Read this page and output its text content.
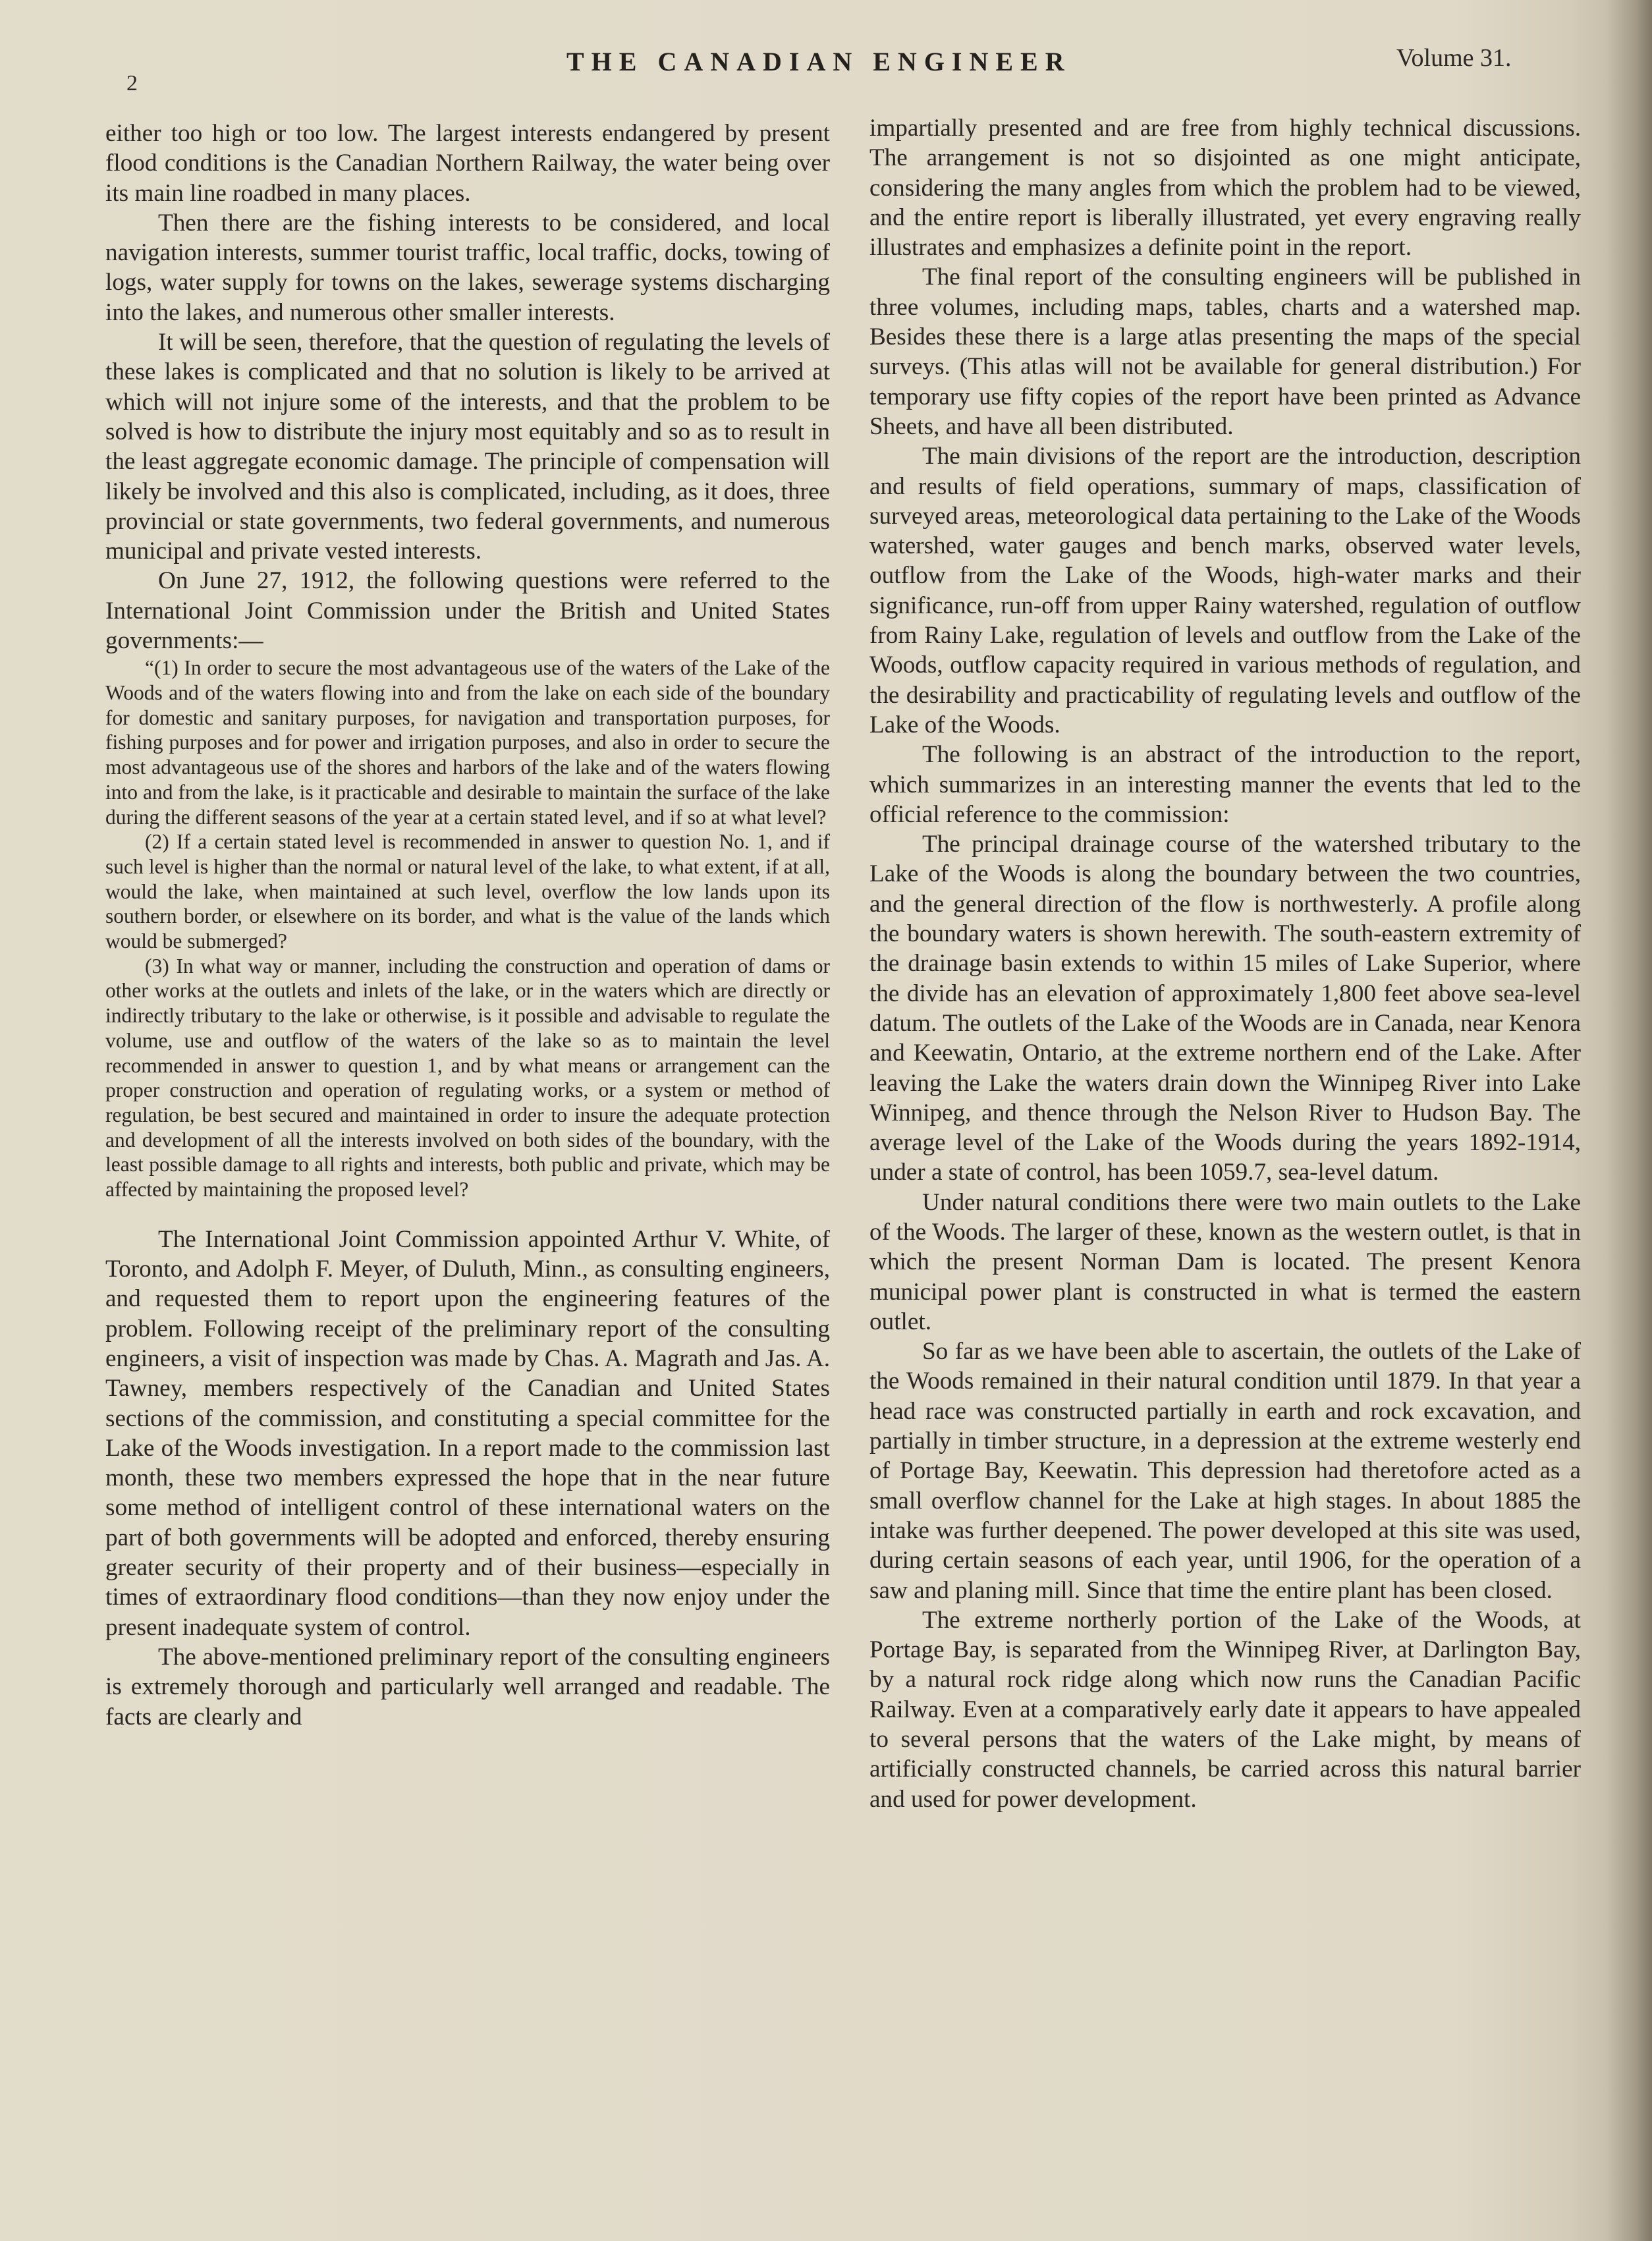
2
THE CANADIAN ENGINEER	Volume 31.

either too high or too low. The largest interests endangered by present flood conditions is the Canadian Northern Railway, the water being over its main line roadbed in many places.

Then there are the fishing interests to be considered, and local navigation interests, summer tourist traffic, local traffic, docks, towing of logs, water supply for towns on the lakes, sewerage systems discharging into the lakes, and numerous other smaller interests.

It will be seen, therefore, that the question of regulating the levels of these lakes is complicated and that no solution is likely to be arrived at which will not injure some of the interests, and that the problem to be solved is how to distribute the injury most equitably and so as to result in the least aggregate economic damage. The principle of compensation will likely be involved and this also is complicated, including, as it does, three provincial or state governments, two federal governments, and numerous municipal and private vested interests.

On June 27, 1912, the following questions were referred to the International Joint Commission under the British and United States governments:—

“(1) In order to secure the most advantageous use of the waters of the Lake of the Woods and of the waters flowing into and from the lake on each side of the boundary for domestic and sanitary purposes, for navigation and transportation purposes, for fishing purposes and for power and irrigation purposes, and also in order to secure the most advantageous use of the shores and harbors of the lake and of the waters flowing into and from the lake, is it practicable and desirable to maintain the surface of the lake during the different seasons of the year at a certain stated level, and if so at what level?

(2) If a certain stated level is recommended in answer to question No. 1, and if such level is higher than the normal or natural level of the lake, to what extent, if at all, would the lake, when maintained at such level, overflow the low lands upon its southern border, or elsewhere on its border, and what is the value of the lands which would be submerged?

(3) In what way or manner, including the construction and operation of dams or other works at the outlets and inlets of the lake, or in the waters which are directly or indirectly tributary to the lake or otherwise, is it possible and advisable to regulate the volume, use and outflow of the waters of the lake so as to maintain the level recommended in answer to question 1, and by what means or arrangement can the proper construction and operation of regulating works, or a system or method of regulation, be best secured and maintained in order to insure the adequate protection and development of all the interests involved on both sides of the boundary, with the least possible damage to all rights and interests, both public and private, which may be affected by maintaining the proposed level?

The International Joint Commission appointed Arthur V. White, of Toronto, and Adolph F. Meyer, of Duluth, Minn., as consulting engineers, and requested them to report upon the engineering features of the problem. Following receipt of the preliminary report of the consulting engineers, a visit of inspection was made by Chas. A. Magrath and Jas. A. Tawney, members respectively of the Canadian and United States sections of the commission, and constituting a special committee for the Lake of the Woods investigation. In a report made to the commission last month, these two members expressed the hope that in the near future some method of intelligent control of these international waters on the part of both governments will be adopted and enforced, thereby ensuring greater security of their property and of their business—especially in times of extraordinary flood conditions—than they now enjoy under the present inadequate system of control.

The above-mentioned preliminary report of the consulting engineers is extremely thorough and particularly well arranged and readable. The facts are clearly and

impartially presented and are free from highly technical discussions. The arrangement is not so disjointed as one might anticipate, considering the many angles from which the problem had to be viewed, and the entire report is liberally illustrated, yet every engraving really illustrates and emphasizes a definite point in the report.

The final report of the consulting engineers will be published in three volumes, including maps, tables, charts and a watershed map. Besides these there is a large atlas presenting the maps of the special surveys. (This atlas will not be available for general distribution.) For temporary use fifty copies of the report have been printed as Advance Sheets, and have all been distributed.

The main divisions of the report are the introduction, description and results of field operations, summary of maps, classification of surveyed areas, meteorological data pertaining to the Lake of the Woods watershed, water gauges and bench marks, observed water levels, outflow from the Lake of the Woods, high-water marks and their significance, run-off from upper Rainy watershed, regulation of outflow from Rainy Lake, regulation of levels and outflow from the Lake of the Woods, outflow capacity required in various methods of regulation, and the desirability and practicability of regulating levels and outflow of the Lake of the Woods.

The following is an abstract of the introduction to the report, which summarizes in an interesting manner the events that led to the official reference to the commission:

The principal drainage course of the watershed tributary to the Lake of the Woods is along the boundary between the two countries, and the general direction of the flow is northwesterly. A profile along the boundary waters is shown herewith. The south-eastern extremity of the drainage basin extends to within 15 miles of Lake Superior, where the divide has an elevation of approximately 1,800 feet above sea-level datum. The outlets of the Lake of the Woods are in Canada, near Kenora and Keewatin, Ontario, at the extreme northern end of the Lake. After leaving the Lake the waters drain down the Winnipeg River into Lake Winnipeg, and thence through the Nelson River to Hudson Bay. The average level of the Lake of the Woods during the years 1892-1914, under a state of control, has been 1059.7, sea-level datum.

Under natural conditions there were two main outlets to the Lake of the Woods. The larger of these, known as the western outlet, is that in which the present Norman Dam is located. The present Kenora municipal power plant is constructed in what is termed the eastern outlet.

So far as we have been able to ascertain, the outlets of the Lake of the Woods remained in their natural condition until 1879. In that year a head race was constructed partially in earth and rock excavation, and partially in timber structure, in a depression at the extreme westerly end of Portage Bay, Keewatin. This depression had theretofore acted as a small overflow channel for the Lake at high stages. In about 1885 the intake was further deepened. The power developed at this site was used, during certain seasons of each year, until 1906, for the operation of a saw and planing mill. Since that time the entire plant has been closed.

The extreme northerly portion of the Lake of the Woods, at Portage Bay, is separated from the Winnipeg River, at Darlington Bay, by a natural rock ridge along which now runs the Canadian Pacific Railway. Even at a comparatively early date it appears to have appealed to several persons that the waters of the Lake might, by means of artificially constructed channels, be carried across this natural barrier and used for power development.
